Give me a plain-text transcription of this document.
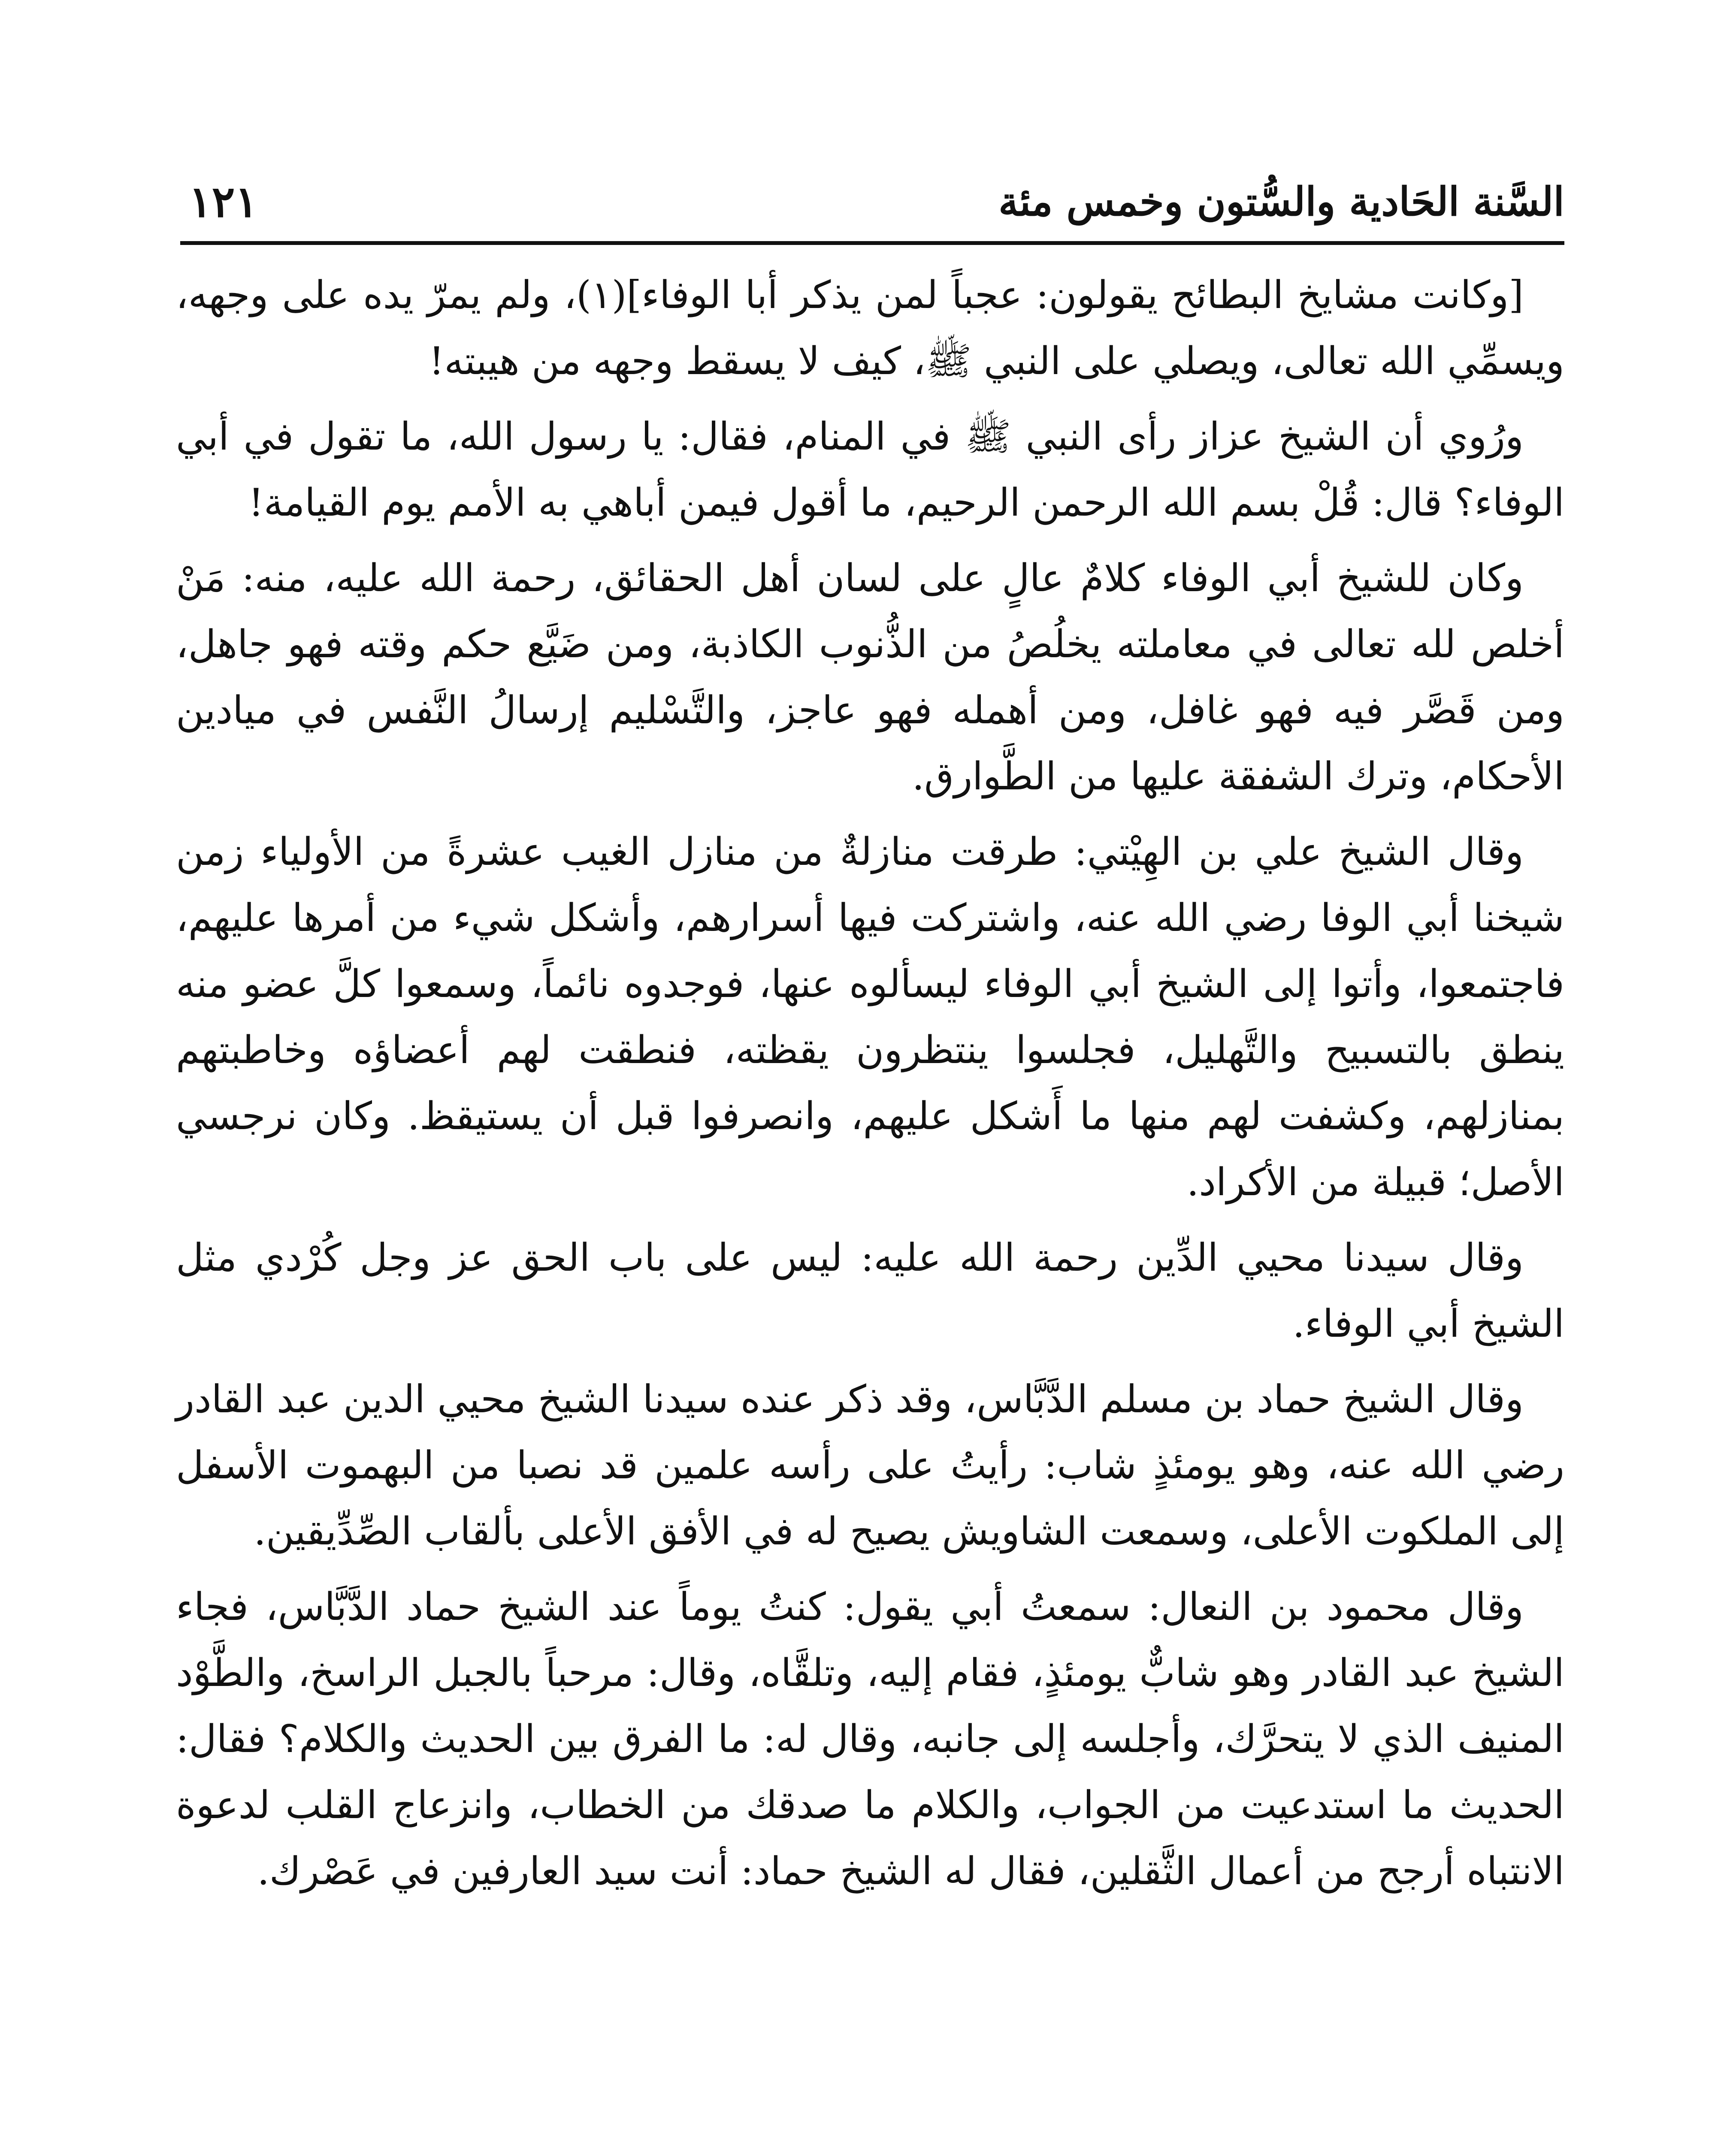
السَّنة الحَادية والسُّتون وخمس مئة
١٢١

[وكانت مشايخ البطائح يقولون: عجباً لمن يذكر أبا الوفاء](١)، ولم يمرّ يده على وجهه، ويسمِّي الله تعالى، ويصلي على النبي ﷺ، كيف لا يسقط وجهه من هيبته!

ورُوي أن الشيخ عزاز رأى النبي ﷺ في المنام، فقال: يا رسول الله، ما تقول في أبي الوفاء؟ قال: قُلْ بسم الله الرحمن الرحيم، ما أقول فيمن أباهي به الأمم يوم القيامة!

وكان للشيخ أبي الوفاء كلامٌ عالٍ على لسان أهل الحقائق، رحمة الله عليه، منه: مَنْ أخلص لله تعالى في معاملته يخلُصُ من الذُّنوب الكاذبة، ومن ضَيَّع حكم وقته فهو جاهل، ومن قَصَّر فيه فهو غافل، ومن أهمله فهو عاجز، والتَّسْليم إرسالُ النَّفس في ميادين الأحكام، وترك الشفقة عليها من الطَّوارق.

وقال الشيخ علي بن الهِيْتي: طرقت منازلةٌ من منازل الغيب عشرةً من الأولياء زمن شيخنا أبي الوفا رضي الله عنه، واشتركت فيها أسرارهم، وأشكل شيء من أمرها عليهم، فاجتمعوا، وأتوا إلى الشيخ أبي الوفاء ليسألوه عنها، فوجدوه نائماً، وسمعوا كلَّ عضو منه ينطق بالتسبيح والتَّهليل، فجلسوا ينتظرون يقظته، فنطقت لهم أعضاؤه وخاطبتهم بمنازلهم، وكشفت لهم منها ما أَشكل عليهم، وانصرفوا قبل أن يستيقظ. وكان نرجسي الأصل؛ قبيلة من الأكراد.

وقال سيدنا محيي الدِّين رحمة الله عليه: ليس على باب الحق عز وجل كُرْدي مثل الشيخ أبي الوفاء.

وقال الشيخ حماد بن مسلم الدَّبَّاس، وقد ذكر عنده سيدنا الشيخ محيي الدين عبد القادر رضي الله عنه، وهو يومئذٍ شاب: رأيتُ على رأسه علمين قد نصبا من البهموت الأسفل إلى الملكوت الأعلى، وسمعت الشاويش يصيح له في الأفق الأعلى بألقاب الصِّدِّيقين.

وقال محمود بن النعال: سمعتُ أبي يقول: كنتُ يوماً عند الشيخ حماد الدَّبَّاس، فجاء الشيخ عبد القادر وهو شابٌّ يومئذٍ، فقام إليه، وتلقَّاه، وقال: مرحباً بالجبل الراسخ، والطَّوْد المنيف الذي لا يتحرَّك، وأجلسه إلى جانبه، وقال له: ما الفرق بين الحديث والكلام؟ فقال: الحديث ما استدعيت من الجواب، والكلام ما صدقك من الخطاب، وانزعاج القلب لدعوة الانتباه أرجح من أعمال الثَّقلين، فقال له الشيخ حماد: أنت سيد العارفين في عَصْرك.
